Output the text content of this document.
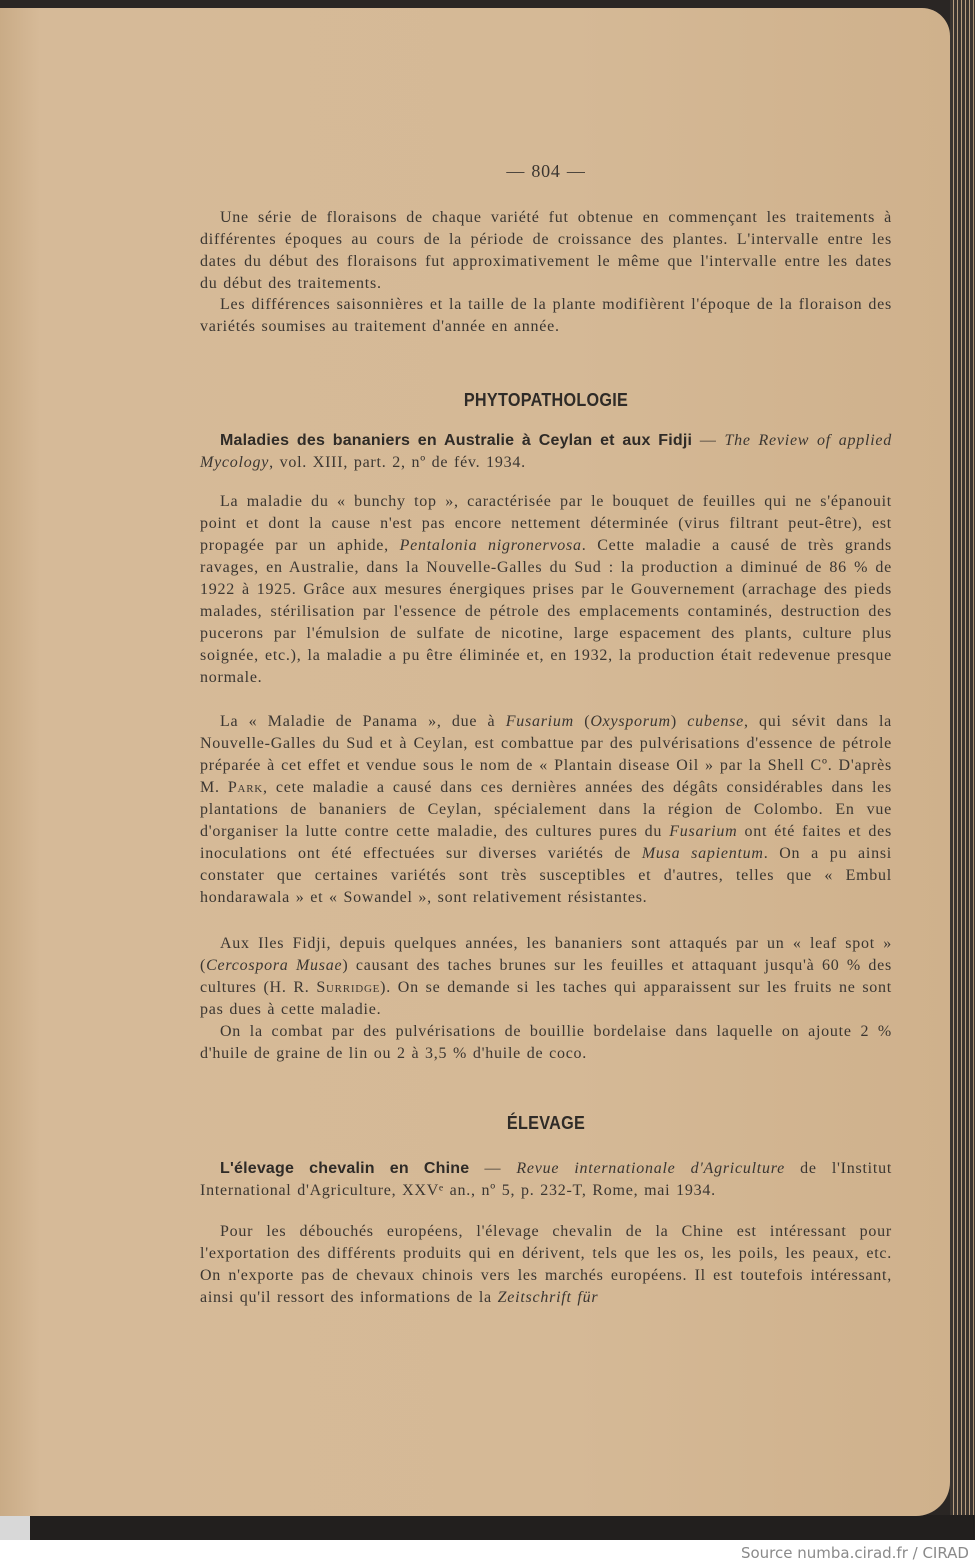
— 804 —

Une série de floraisons de chaque variété fut obtenue en commençant les traitements à différentes époques au cours de la période de croissance des plantes. L'intervalle entre les dates du début des floraisons fut approximativement le même que l'intervalle entre les dates du début des traitements.

Les différences saisonnières et la taille de la plante modifièrent l'époque de la floraison des variétés soumises au traitement d'année en année.

PHYTOPATHOLOGIE

Maladies des bananiers en Australie à Ceylan et aux Fidji — The Review of applied Mycology, vol. XIII, part. 2, nº de fév. 1934.

La maladie du « bunchy top », caractérisée par le bouquet de feuilles qui ne s'épanouit point et dont la cause n'est pas encore nettement déterminée (virus filtrant peut-être), est propagée par un aphide, Pentalonia nigronervosa. Cette maladie a causé de très grands ravages, en Australie, dans la Nouvelle-Galles du Sud : la production a diminué de 86 % de 1922 à 1925. Grâce aux mesures énergiques prises par le Gouvernement (arrachage des pieds malades, stérilisation par l'essence de pétrole des emplacements contaminés, destruction des pucerons par l'émulsion de sulfate de nicotine, large espacement des plants, culture plus soignée, etc.), la maladie a pu être éliminée et, en 1932, la production était redevenue presque normale.

La « Maladie de Panama », due à Fusarium (Oxysporum) cubense, qui sévit dans la Nouvelle-Galles du Sud et à Ceylan, est combattue par des pulvérisations d'essence de pétrole préparée à cet effet et vendue sous le nom de « Plantain disease Oil » par la Shell Cº. D'après M. Park, cete maladie a causé dans ces dernières années des dégâts considérables dans les plantations de bananiers de Ceylan, spécialement dans la région de Colombo. En vue d'organiser la lutte contre cette maladie, des cultures pures du Fusarium ont été faites et des inoculations ont été effectuées sur diverses variétés de Musa sapientum. On a pu ainsi constater que certaines variétés sont très susceptibles et d'autres, telles que « Embul hondarawala » et « Sowandel », sont relativement résistantes.

Aux Iles Fidji, depuis quelques années, les bananiers sont attaqués par un « leaf spot » (Cercospora Musae) causant des taches brunes sur les feuilles et attaquant jusqu'à 60 % des cultures (H. R. Surridge). On se demande si les taches qui apparaissent sur les fruits ne sont pas dues à cette maladie.

On la combat par des pulvérisations de bouillie bordelaise dans laquelle on ajoute 2 % d'huile de graine de lin ou 2 à 3,5 % d'huile de coco.

ÉLEVAGE

L'élevage chevalin en Chine — Revue internationale d'Agriculture de l'Institut International d'Agriculture, XXVᵉ an., nº 5, p. 232-T, Rome, mai 1934.

Pour les débouchés européens, l'élevage chevalin de la Chine est intéressant pour l'exportation des différents produits qui en dérivent, tels que les os, les poils, les peaux, etc. On n'exporte pas de chevaux chinois vers les marchés européens. Il est toutefois intéressant, ainsi qu'il ressort des informations de la Zeitschrift für

Source numba.cirad.fr / CIRAD
